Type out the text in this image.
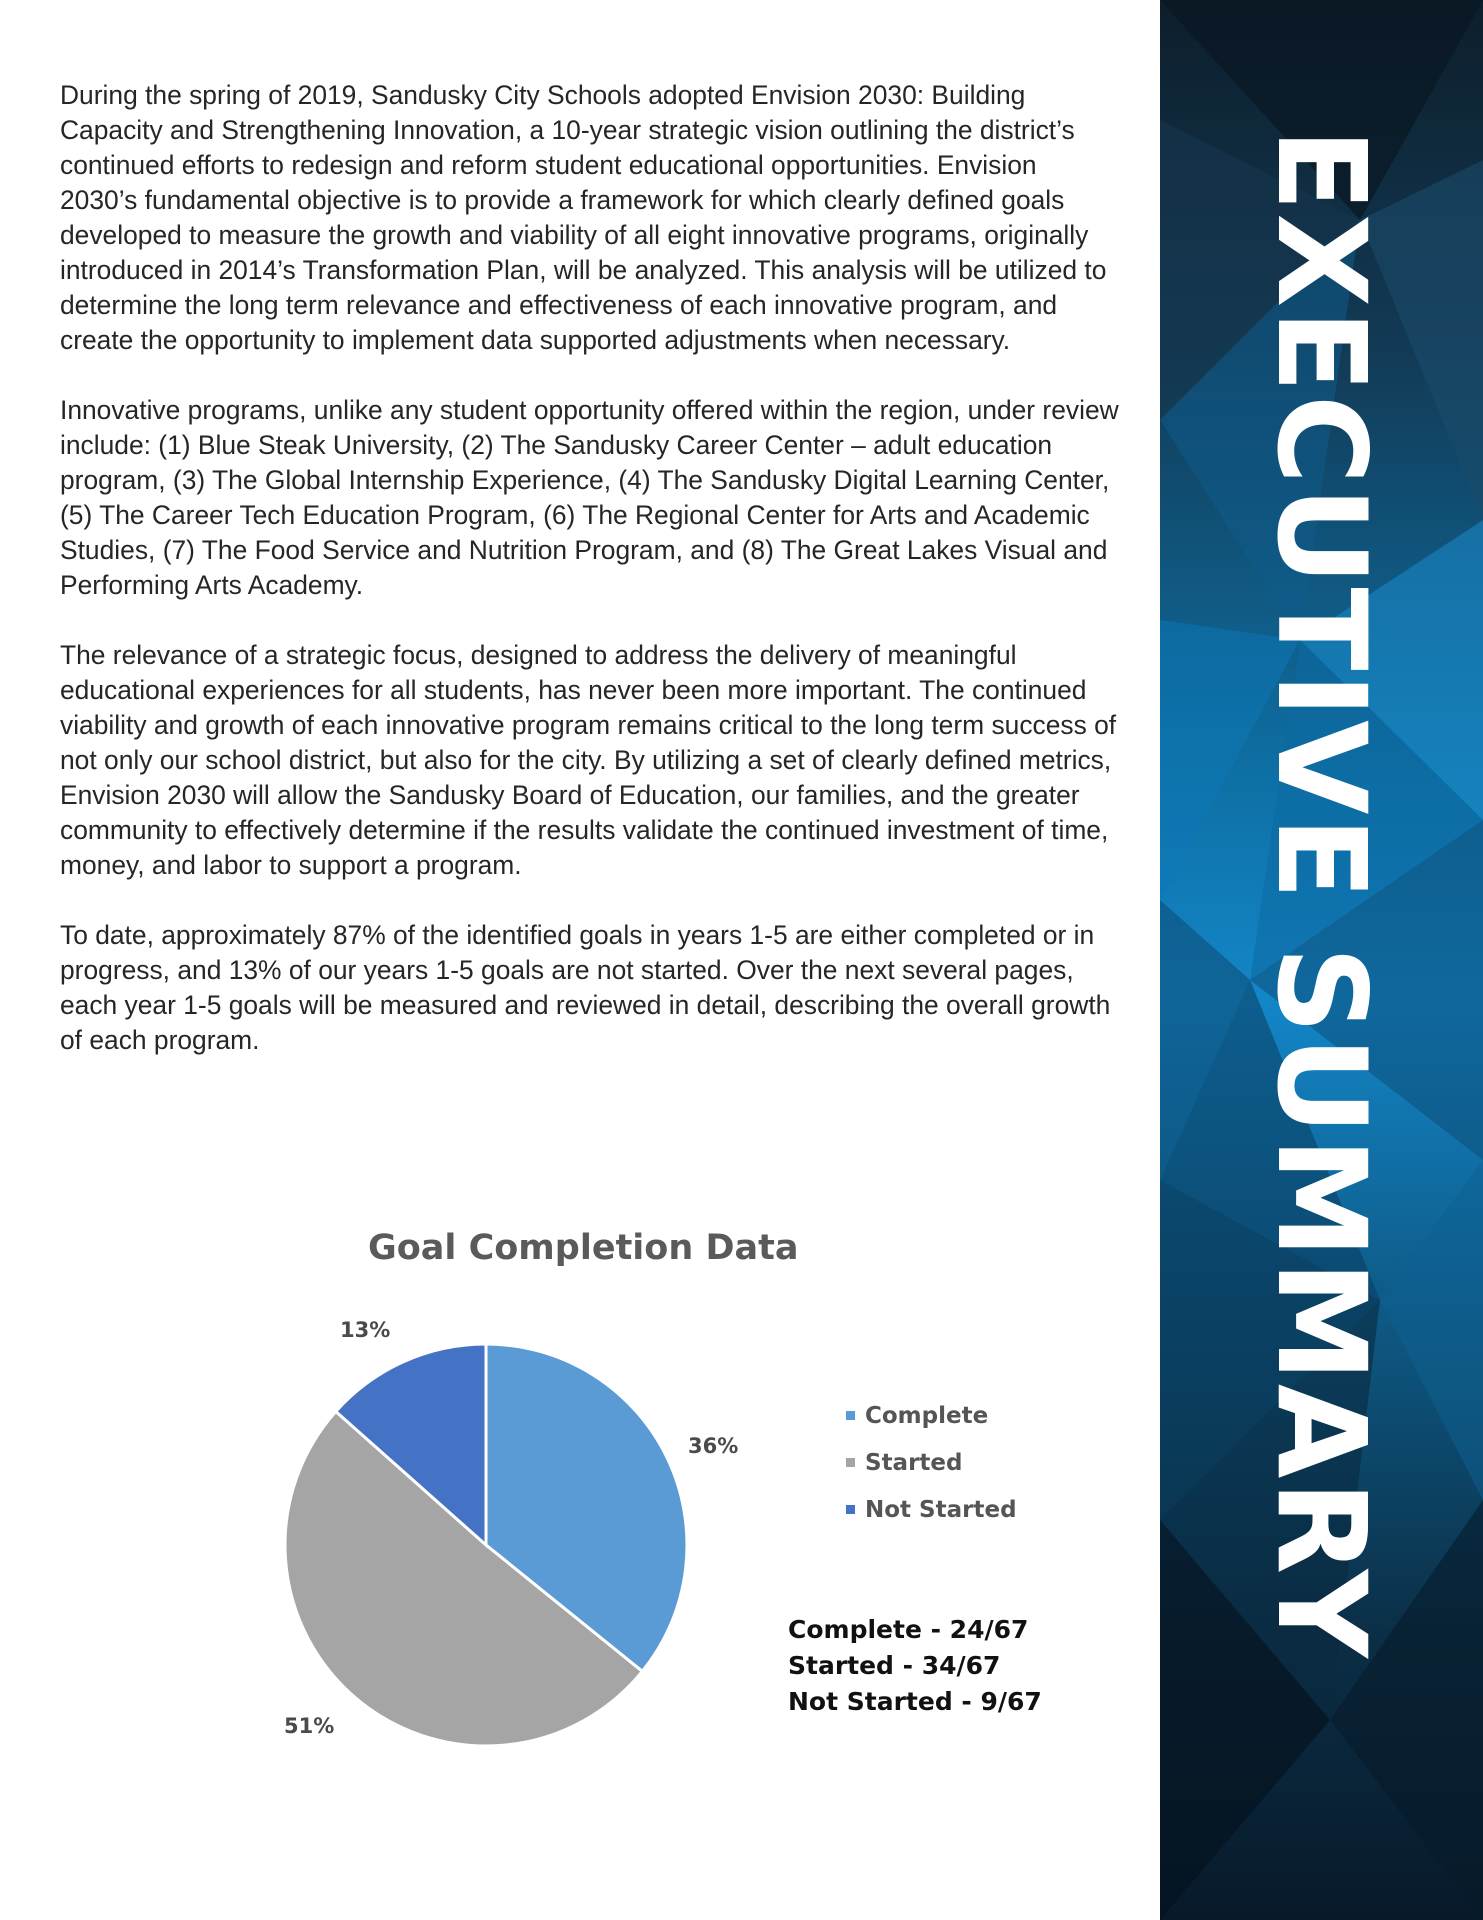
During the spring of 2019, Sandusky City Schools adopted Envision 2030: Building Capacity and Strengthening Innovation, a 10-year strategic vision outlining the district’s continued efforts to redesign and reform student educational opportunities. Envision 2030’s fundamental objective is to provide a framework for which clearly defined goals developed to measure the growth and viability of all eight innovative programs, originally introduced in 2014’s Transformation Plan, will be analyzed. This analysis will be utilized to determine the long term relevance and effectiveness of each innovative program, and create the opportunity to implement data supported adjustments when necessary.

Innovative programs, unlike any student opportunity offered within the region, under review include: (1) Blue Steak University, (2) The Sandusky Career Center – adult education program, (3) The Global Internship Experience, (4) The Sandusky Digital Learning Center, (5) The Career Tech Education Program, (6) The Regional Center for Arts and Academic Studies, (7) The Food Service and Nutrition Program, and (8) The Great Lakes Visual and Performing Arts Academy.

The relevance of a strategic focus, designed to address the delivery of meaningful educational experiences for all students, has never been more important. The continued viability and growth of each innovative program remains critical to the long term success of not only our school district, but also for the city. By utilizing a set of clearly defined metrics, Envision 2030 will allow the Sandusky Board of Education, our families, and the greater community to effectively determine if the results validate the continued investment of time, money, and labor to support a program.

To date, approximately 87% of the identified goals in years 1-5 are either completed or in progress, and 13% of our years 1-5 goals are not started. Over the next several pages, each year 1-5 goals will be measured and reviewed in detail, describing the overall growth of each program.

Goal Completion Data
36%
51%
13%
Complete
Started
Not Started
Complete - 24/67
Started - 34/67
Not Started - 9/67
EXECUTIVE SUMMARY
